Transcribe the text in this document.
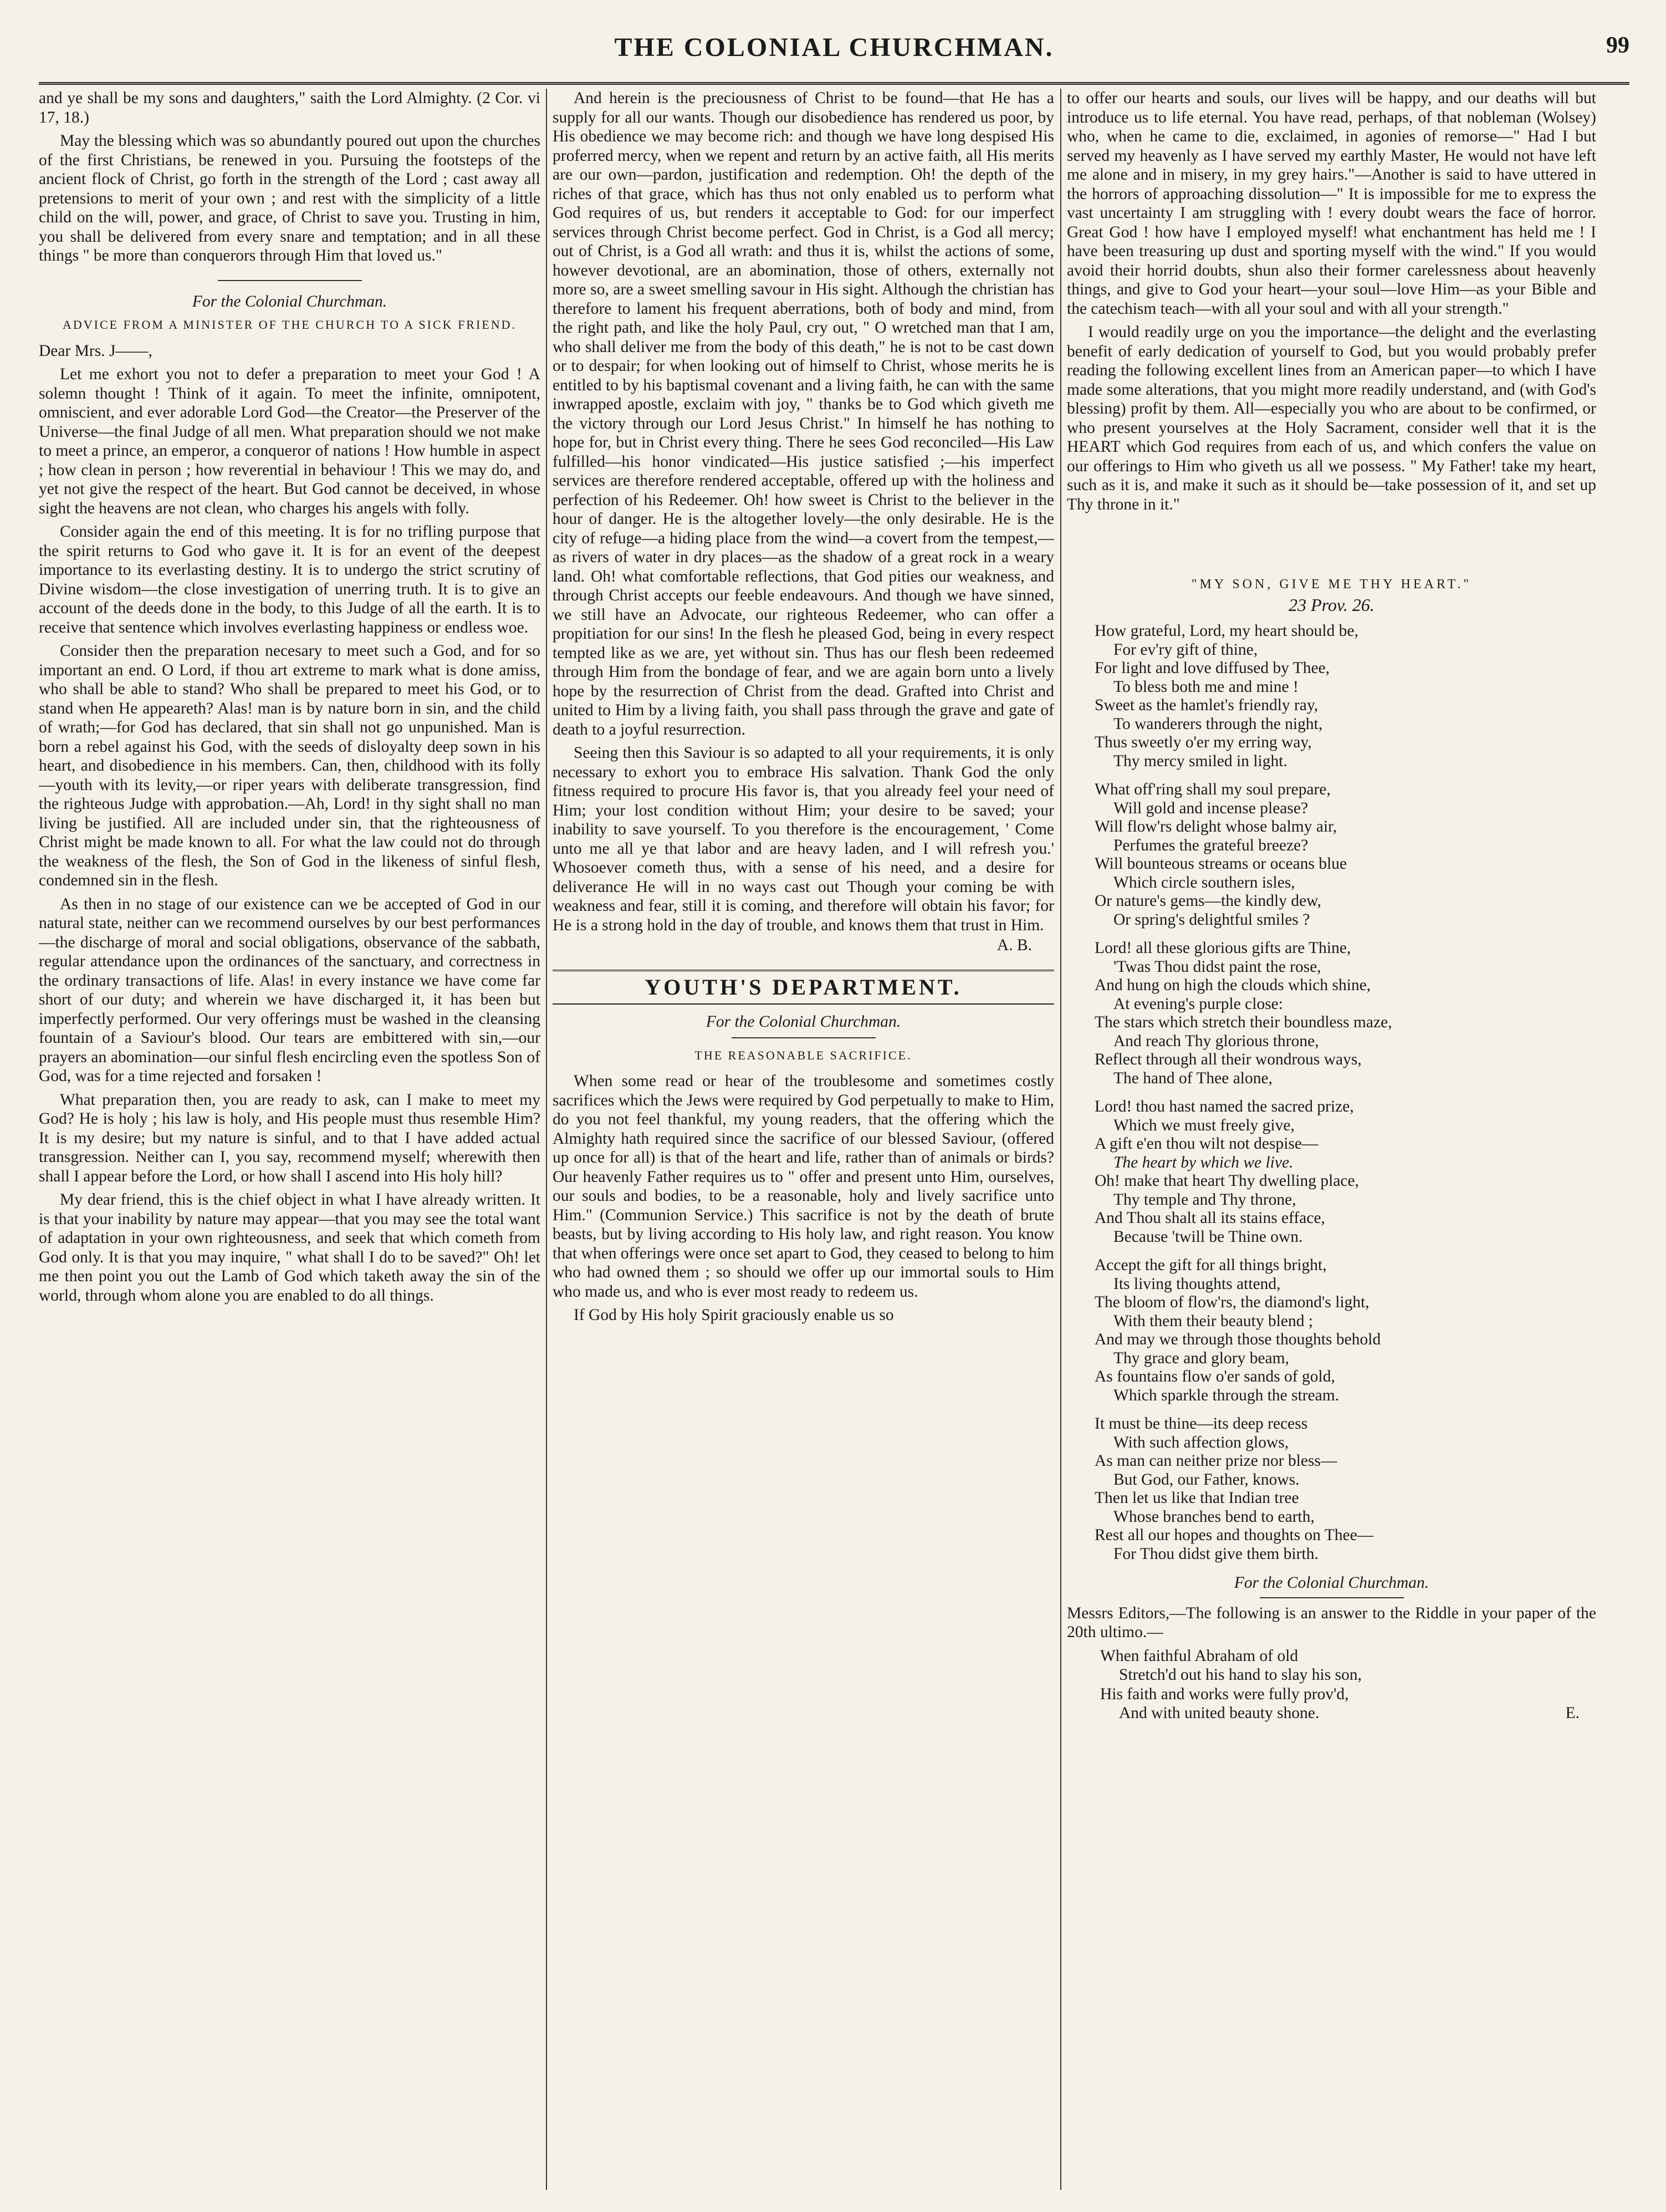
THE COLONIAL CHURCHMAN.	99

and ye shall be my sons and daughters," saith the Lord Almighty. (2 Cor. vi 17, 18.)

May the blessing which was so abundantly poured out upon the churches of the first Christians, be renewed in you. Pursuing the footsteps of the ancient flock of Christ, go forth in the strength of the Lord ; cast away all pretensions to merit of your own ; and rest with the simplicity of a little child on the will, power, and grace, of Christ to save you. Trusting in him, you shall be delivered from every snare and temptation; and in all these things " be more than conquerors through Him that loved us."

For the Colonial Churchman.

ADVICE FROM A MINISTER OF THE CHURCH TO A SICK FRIEND.

Dear Mrs. J——,

Let me exhort you not to defer a preparation to meet your God ! A solemn thought ! Think of it again. To meet the infinite, omnipotent, omniscient, and ever adorable Lord God—the Creator—the Preserver of the Universe—the final Judge of all men. What preparation should we not make to meet a prince, an emperor, a conqueror of nations ! How humble in aspect ; how clean in person ; how reverential in behaviour ! This we may do, and yet not give the respect of the heart. But God cannot be deceived, in whose sight the heavens are not clean, who charges his angels with folly.

Consider again the end of this meeting. It is for no trifling purpose that the spirit returns to God who gave it. It is for an event of the deepest importance to its everlasting destiny. It is to undergo the strict scrutiny of Divine wisdom—the close investigation of unerring truth. It is to give an account of the deeds done in the body, to this Judge of all the earth. It is to receive that sentence which involves everlasting happiness or endless woe.

Consider then the preparation necesary to meet such a God, and for so important an end. O Lord, if thou art extreme to mark what is done amiss, who shall be able to stand? Who shall be prepared to meet his God, or to stand when He appeareth? Alas! man is by nature born in sin, and the child of wrath;—for God has declared, that sin shall not go unpunished. Man is born a rebel against his God, with the seeds of disloyalty deep sown in his heart, and disobedience in his members. Can, then, childhood with its folly—youth with its levity,—or riper years with deliberate transgression, find the righteous Judge with approbation.—Ah, Lord! in thy sight shall no man living be justified. All are included under sin, that the righteousness of Christ might be made known to all. For what the law could not do through the weakness of the flesh, the Son of God in the likeness of sinful flesh, condemned sin in the flesh.

As then in no stage of our existence can we be accepted of God in our natural state, neither can we recommend ourselves by our best performances—the discharge of moral and social obligations, observance of the sabbath, regular attendance upon the ordinances of the sanctuary, and correctness in the ordinary transactions of life. Alas! in every instance we have come far short of our duty; and wherein we have discharged it, it has been but imperfectly performed. Our very offerings must be washed in the cleansing fountain of a Saviour's blood. Our tears are embittered with sin,—our prayers an abomination—our sinful flesh encircling even the spotless Son of God, was for a time rejected and forsaken !

What preparation then, you are ready to ask, can I make to meet my God? He is holy ; his law is holy, and His people must thus resemble Him? It is my desire; but my nature is sinful, and to that I have added actual transgression. Neither can I, you say, recommend myself; wherewith then shall I appear before the Lord, or how shall I ascend into His holy hill?

My dear friend, this is the chief object in what I have already written. It is that your inability by nature may appear—that you may see the total want of adaptation in your own righteousness, and seek that which cometh from God only. It is that you may inquire, " what shall I do to be saved?" Oh! let me then point you out the Lamb of God which taketh away the sin of the world, through whom alone you are enabled to do all things.

And herein is the preciousness of Christ to be found—that He has a supply for all our wants. Though our disobedience has rendered us poor, by His obedience we may become rich: and though we have long despised His proferred mercy, when we repent and return by an active faith, all His merits are our own—pardon, justification and redemption. Oh! the depth of the riches of that grace, which has thus not only enabled us to perform what God requires of us, but renders it acceptable to God: for our imperfect services through Christ become perfect. God in Christ, is a God all mercy; out of Christ, is a God all wrath: and thus it is, whilst the actions of some, however devotional, are an abomination, those of others, externally not more so, are a sweet smelling savour in His sight. Although the christian has therefore to lament his frequent aberrations, both of body and mind, from the right path, and like the holy Paul, cry out, " O wretched man that I am, who shall deliver me from the body of this death," he is not to be cast down or to despair; for when looking out of himself to Christ, whose merits he is entitled to by his baptismal covenant and a living faith, he can with the same inwrapped apostle, exclaim with joy, " thanks be to God which giveth me the victory through our Lord Jesus Christ." In himself he has nothing to hope for, but in Christ every thing. There he sees God reconciled—His Law fulfilled—his honor vindicated—His justice satisfied ;—his imperfect services are therefore rendered acceptable, offered up with the holiness and perfection of his Redeemer. Oh! how sweet is Christ to the believer in the hour of danger. He is the altogether lovely—the only desirable. He is the city of refuge—a hiding place from the wind—a covert from the tempest,—as rivers of water in dry places—as the shadow of a great rock in a weary land. Oh! what comfortable reflections, that God pities our weakness, and through Christ accepts our feeble endeavours. And though we have sinned, we still have an Advocate, our righteous Redeemer, who can offer a propitiation for our sins! In the flesh he pleased God, being in every respect tempted like as we are, yet without sin. Thus has our flesh been redeemed through Him from the bondage of fear, and we are again born unto a lively hope by the resurrection of Christ from the dead. Grafted into Christ and united to Him by a living faith, you shall pass through the grave and gate of death to a joyful resurrection.

Seeing then this Saviour is so adapted to all your requirements, it is only necessary to exhort you to embrace His salvation. Thank God the only fitness required to procure His favor is, that you already feel your need of Him; your lost condition without Him; your desire to be saved; your inability to save yourself. To you therefore is the encouragement, ' Come unto me all ye that labor and are heavy laden, and I will refresh you.' Whosoever cometh thus, with a sense of his need, and a desire for deliverance He will in no ways cast out Though your coming be with weakness and fear, still it is coming, and therefore will obtain his favor; for He is a strong hold in the day of trouble, and knows them that trust in Him.

A. B.
YOUTH'S DEPARTMENT.

For the Colonial Churchman.

THE REASONABLE SACRIFICE.

When some read or hear of the troublesome and sometimes costly sacrifices which the Jews were required by God perpetually to make to Him, do you not feel thankful, my young readers, that the offering which the Almighty hath required since the sacrifice of our blessed Saviour, (offered up once for all) is that of the heart and life, rather than of animals or birds? Our heavenly Father requires us to " offer and present unto Him, ourselves, our souls and bodies, to be a reasonable, holy and lively sacrifice unto Him." (Communion Service.) This sacrifice is not by the death of brute beasts, but by living according to His holy law, and right reason. You know that when offerings were once set apart to God, they ceased to belong to him who had owned them ; so should we offer up our immortal souls to Him who made us, and who is ever most ready to redeem us.

If God by His holy Spirit graciously enable us so

to offer our hearts and souls, our lives will be happy, and our deaths will but introduce us to life eternal. You have read, perhaps, of that nobleman (Wolsey) who, when he came to die, exclaimed, in agonies of remorse—" Had I but served my heavenly as I have served my earthly Master, He would not have left me alone and in misery, in my grey hairs."—Another is said to have uttered in the horrors of approaching dissolution—" It is impossible for me to express the vast uncertainty I am struggling with ! every doubt wears the face of horror. Great God ! how have I employed myself! what enchantment has held me ! I have been treasuring up dust and sporting myself with the wind." If you would avoid their horrid doubts, shun also their former carelessness about heavenly things, and give to God your heart—your soul—love Him—as your Bible and the catechism teach—with all your soul and with all your strength."

I would readily urge on you the importance—the delight and the everlasting benefit of early dedication of yourself to God, but you would probably prefer reading the following excellent lines from an American paper—to which I have made some alterations, that you might more readily understand, and (with God's blessing) profit by them. All—especially you who are about to be confirmed, or who present yourselves at the Holy Sacrament, consider well that it is the HEART which God requires from each of us, and which confers the value on our offerings to Him who giveth us all we possess. " My Father! take my heart, such as it is, and make it such as it should be—take possession of it, and set up Thy throne in it."

"MY SON, GIVE ME THY HEART."
23 Prov. 26.
How grateful, Lord, my heart should be,
For ev'ry gift of thine,
For light and love diffused by Thee,
To bless both me and mine !
Sweet as the hamlet's friendly ray,
To wanderers through the night,
Thus sweetly o'er my erring way,
Thy mercy smiled in light.
What off'ring shall my soul prepare,
Will gold and incense please?
Will flow'rs delight whose balmy air,
Perfumes the grateful breeze?
Will bounteous streams or oceans blue
Which circle southern isles,
Or nature's gems—the kindly dew,
Or spring's delightful smiles ?
Lord! all these glorious gifts are Thine,
'Twas Thou didst paint the rose,
And hung on high the clouds which shine,
At evening's purple close:
The stars which stretch their boundless maze,
And reach Thy glorious throne,
Reflect through all their wondrous ways,
The hand of Thee alone,
Lord! thou hast named the sacred prize,
Which we must freely give,
A gift e'en thou wilt not despise—
The heart by which we live.
Oh! make that heart Thy dwelling place,
Thy temple and Thy throne,
And Thou shalt all its stains efface,
Because 'twill be Thine own.
Accept the gift for all things bright,
Its living thoughts attend,
The bloom of flow'rs, the diamond's light,
With them their beauty blend ;
And may we through those thoughts behold
Thy grace and glory beam,
As fountains flow o'er sands of gold,
Which sparkle through the stream.
It must be thine—its deep recess
With such affection glows,
As man can neither prize nor bless—
But God, our Father, knows.
Then let us like that Indian tree
Whose branches bend to earth,
Rest all our hopes and thoughts on Thee—
For Thou didst give them birth.

For the Colonial Churchman.

Messrs Editors,—The following is an answer to the Riddle in your paper of the 20th ultimo.—

When faithful Abraham of old
Stretch'd out his hand to slay his son,
His faith and works were fully prov'd,
And with united beauty shone.	E.
